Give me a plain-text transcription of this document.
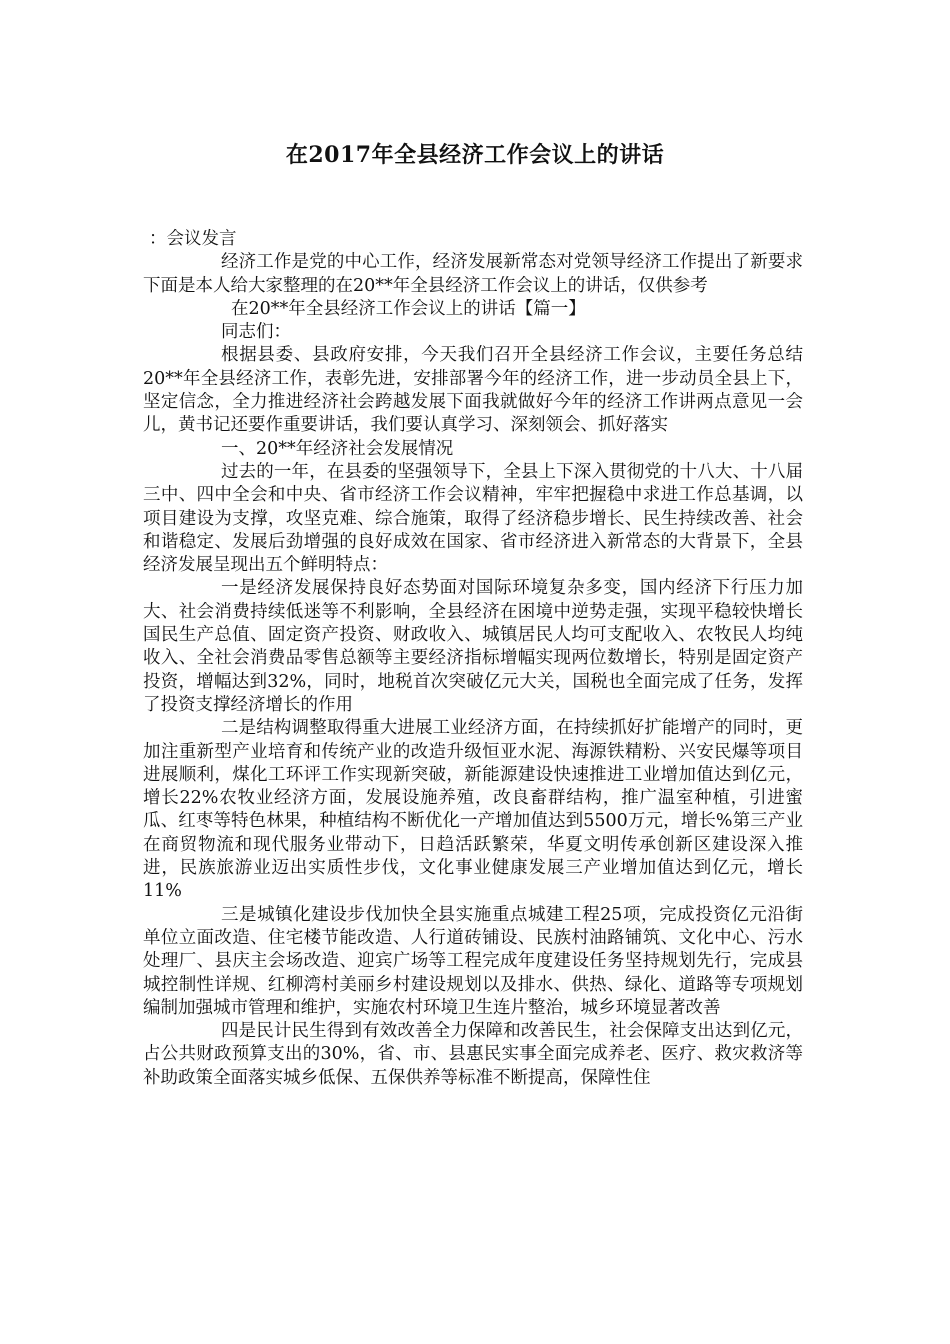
在2017年全县经济工作会议上的讲话

：会议发言

经济工作是党的中心工作，经济发展新常态对党领导经济工作提出了新要求下面是本人给大家整理的在20**年全县经济工作会议上的讲话，仅供参考

在20**年全县经济工作会议上的讲话【篇一】

同志们：

根据县委、县政府安排，今天我们召开全县经济工作会议，主要任务总结20**年全县经济工作，表彰先进，安排部署今年的经济工作，进一步动员全县上下，坚定信念，全力推进经济社会跨越发展下面我就做好今年的经济工作讲两点意见一会儿，黄书记还要作重要讲话，我们要认真学习、深刻领会、抓好落实

一、20**年经济社会发展情况

过去的一年，在县委的坚强领导下，全县上下深入贯彻党的十八大、十八届三中、四中全会和中央、省市经济工作会议精神，牢牢把握稳中求进工作总基调，以项目建设为支撑，攻坚克难、综合施策，取得了经济稳步增长、民生持续改善、社会和谐稳定、发展后劲增强的良好成效在国家、省市经济进入新常态的大背景下，全县经济发展呈现出五个鲜明特点：

一是经济发展保持良好态势面对国际环境复杂多变，国内经济下行压力加大、社会消费持续低迷等不利影响，全县经济在困境中逆势走强，实现平稳较快增长国民生产总值、固定资产投资、财政收入、城镇居民人均可支配收入、农牧民人均纯收入、全社会消费品零售总额等主要经济指标增幅实现两位数增长，特别是固定资产投资，增幅达到32%，同时，地税首次突破亿元大关，国税也全面完成了任务，发挥了投资支撑经济增长的作用

二是结构调整取得重大进展工业经济方面，在持续抓好扩能增产的同时，更加注重新型产业培育和传统产业的改造升级恒亚水泥、海源铁精粉、兴安民爆等项目进展顺利，煤化工环评工作实现新突破，新能源建设快速推进工业增加值达到亿元，增长22%农牧业经济方面，发展设施养殖，改良畜群结构，推广温室种植，引进蜜瓜、红枣等特色林果，种植结构不断优化一产增加值达到5500万元，增长%第三产业在商贸物流和现代服务业带动下，日趋活跃繁荣，华夏文明传承创新区建设深入推进，民族旅游业迈出实质性步伐，文化事业健康发展三产业增加值达到亿元，增长11%

三是城镇化建设步伐加快全县实施重点城建工程25项，完成投资亿元沿街单位立面改造、住宅楼节能改造、人行道砖铺设、民族村油路铺筑、文化中心、污水处理厂、县庆主会场改造、迎宾广场等工程完成年度建设任务坚持规划先行，完成县城控制性详规、红柳湾村美丽乡村建设规划以及排水、供热、绿化、道路等专项规划编制加强城市管理和维护，实施农村环境卫生连片整治，城乡环境显著改善

四是民计民生得到有效改善全力保障和改善民生，社会保障支出达到亿元，占公共财政预算支出的30%，省、市、县惠民实事全面完成养老、医疗、救灾救济等补助政策全面落实城乡低保、五保供养等标准不断提高，保障性住
